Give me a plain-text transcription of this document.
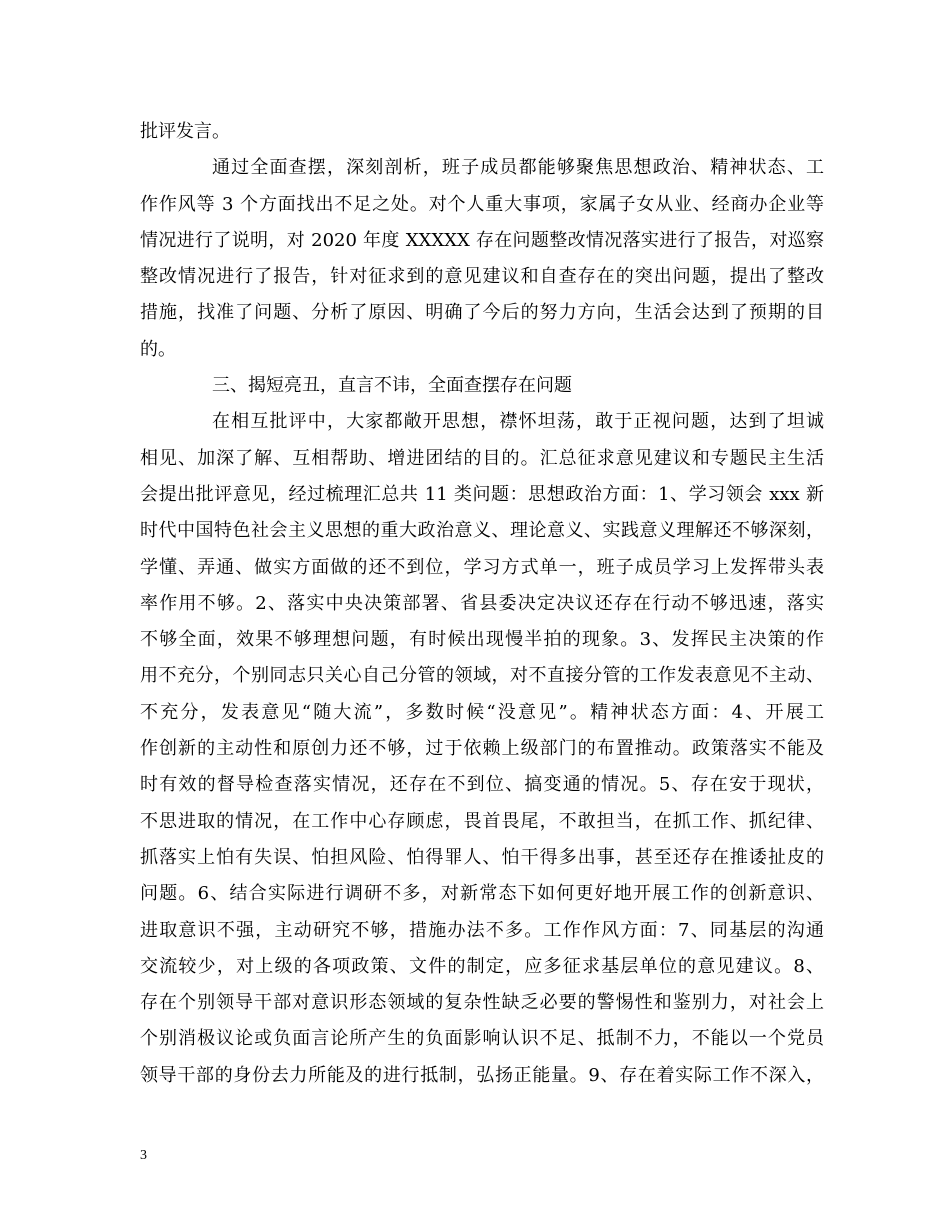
批评发言。
通过全面查摆，深刻剖析，班子成员都能够聚焦思想政治、精神状态、工
作作风等 3 个方面找出不足之处。对个人重大事项，家属子女从业、经商办企业等
情况进行了说明，对 2020 年度 XXXXX 存在问题整改情况落实进行了报告，对巡察
整改情况进行了报告，针对征求到的意见建议和自查存在的突出问题，提出了整改
措施，找准了问题、分析了原因、明确了今后的努力方向，生活会达到了预期的目
的。
三、揭短亮丑，直言不讳，全面查摆存在问题
在相互批评中，大家都敞开思想，襟怀坦荡，敢于正视问题，达到了坦诚
相见、加深了解、互相帮助、增进团结的目的。汇总征求意见建议和专题民主生活
会提出批评意见，经过梳理汇总共 11 类问题：思想政治方面：1、学习领会 xxx 新
时代中国特色社会主义思想的重大政治意义、理论意义、实践意义理解还不够深刻，
学懂、弄通、做实方面做的还不到位，学习方式单一，班子成员学习上发挥带头表
率作用不够。2、落实中央决策部署、省县委决定决议还存在行动不够迅速，落实
不够全面，效果不够理想问题，有时候出现慢半拍的现象。3、发挥民主决策的作
用不充分，个别同志只关心自己分管的领域，对不直接分管的工作发表意见不主动、
不充分，发表意见“随大流”，多数时候“没意见”。精神状态方面：4、开展工
作创新的主动性和原创力还不够，过于依赖上级部门的布置推动。政策落实不能及
时有效的督导检查落实情况，还存在不到位、搞变通的情况。5、存在安于现状，
不思进取的情况，在工作中心存顾虑，畏首畏尾，不敢担当，在抓工作、抓纪律、
抓落实上怕有失误、怕担风险、怕得罪人、怕干得多出事，甚至还存在推诿扯皮的
问题。6、结合实际进行调研不多，对新常态下如何更好地开展工作的创新意识、
进取意识不强，主动研究不够，措施办法不多。工作作风方面：7、同基层的沟通
交流较少，对上级的各项政策、文件的制定，应多征求基层单位的意见建议。8、
存在个别领导干部对意识形态领域的复杂性缺乏必要的警惕性和鉴别力，对社会上
个别消极议论或负面言论所产生的负面影响认识不足、抵制不力，不能以一个党员
领导干部的身份去力所能及的进行抵制，弘扬正能量。9、存在着实际工作不深入，
3
